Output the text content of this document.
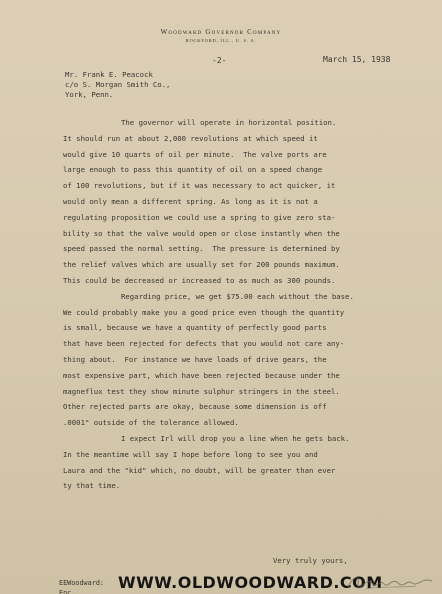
Woodward Governor Company
ROCKFORD, ILL., U. S. A.
-2-	March 15, 1938
Mr. Frank E. Peacock
c/o S. Morgan Smith Co.,
York, Penn.
The governor will operate in horizontal position.
It should run at about 2,000 revolutions at which speed it
would give 10 quarts of oil per minute.  The valve ports are
large enough to pass this quantity of oil on a speed change
of 100 revolutions, but if it was necessary to act quicker, it
would only mean a different spring. As long as it is not a
regulating proposition we could use a spring to give zero sta-
bility so that the valve would open or close instantly when the
speed passed the normal setting.  The pressure is determined by
the relief valves which are usually set for 200 pounds maximum.
This could be decreased or increased to as much as 300 pounds.
Regarding price, we get $75.00 each without the base.
We could probably make you a good price even though the quantity
is small, because we have a quantity of perfectly good parts
that have been rejected for defects that you would not care any-
thing about.  For instance we have loads of drive gears, the
most expensive part, which have been rejected because under the
magneflux test they show minute sulphur stringers in the steel.
Other rejected parts are okay, because some dimension is off
.0001" outside of the tolerance allowed.
I expect Irl will drop you a line when he gets back.
In the meantime will say I hope before long to see you and
Laura and the "kid" which, no doubt, will be greater than ever
ty that time.
Very truly yours,
EEWoodward:
Enc.
WWW.OLDWOODWARD.COM
